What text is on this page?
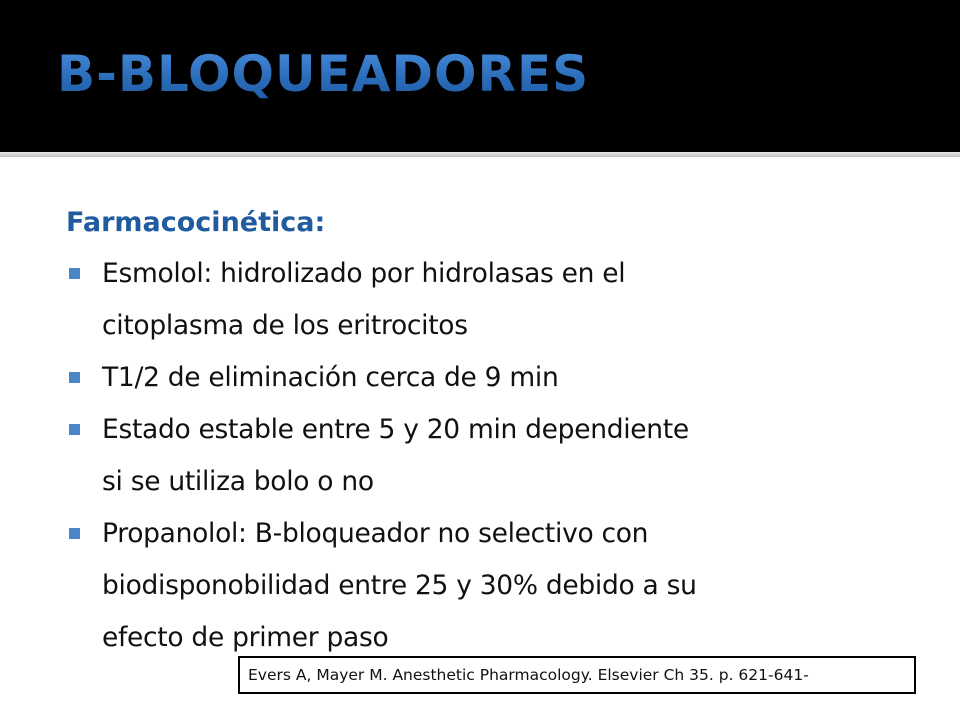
B-BLOQUEADORES
Farmacocinética:
Esmolol: hidrolizado por hidrolasas en el
citoplasma de los eritrocitos
T1/2 de eliminación cerca de 9 min
Estado estable entre 5 y 20 min dependiente
si se utiliza bolo o no
Propanolol: B-bloqueador no selectivo con
biodisponobilidad entre 25 y 30% debido a su
efecto de primer paso
Evers A, Mayer M. Anesthetic Pharmacology. Elsevier Ch 35. p. 621-641-
